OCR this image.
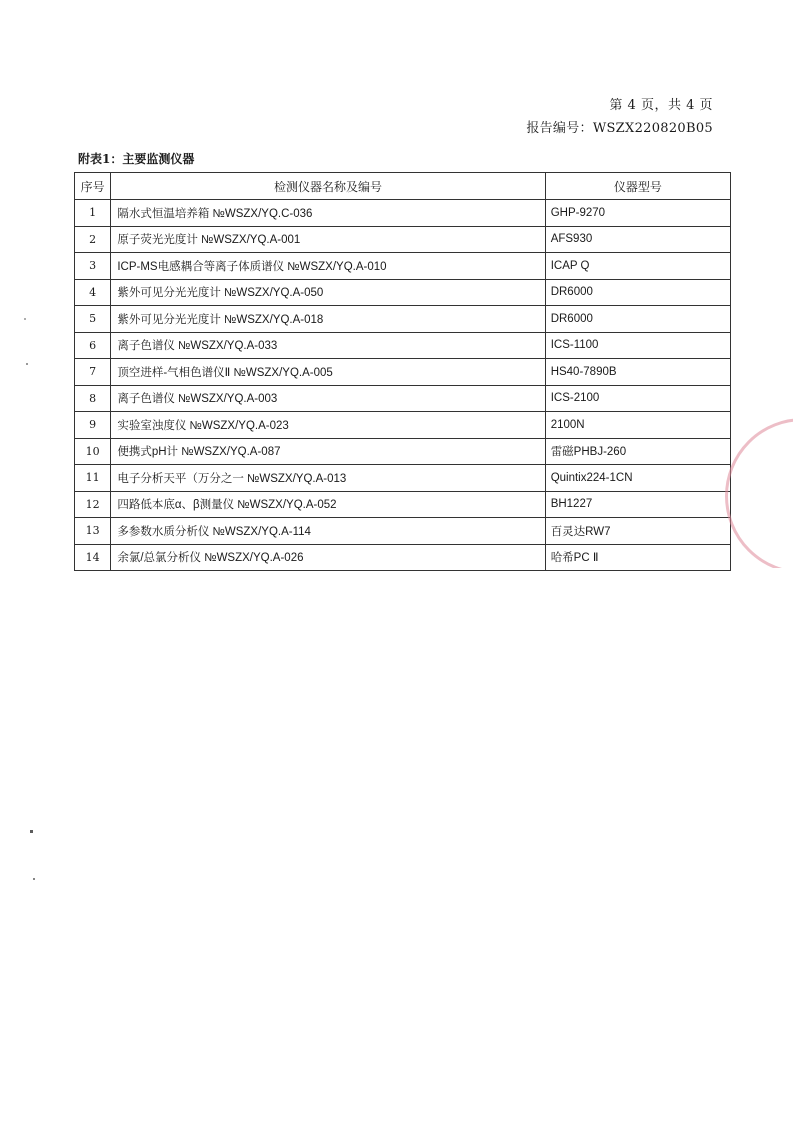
第 4 页，共 4 页
报告编号：WSZX220820B05
附表1：主要监测仪器
序号	检测仪器名称及编号	仪器型号
1	隔水式恒温培养箱 №WSZX/YQ.C-036	GHP-9270
2	原子荧光光度计 №WSZX/YQ.A-001	AFS930
3	ICP-MS电感耦合等离子体质谱仪 №WSZX/YQ.A-010	ICAP Q
4	紫外可见分光光度计 №WSZX/YQ.A-050	DR6000
5	紫外可见分光光度计 №WSZX/YQ.A-018	DR6000
6	离子色谱仪 №WSZX/YQ.A-033	ICS-1100
7	顶空进样-气相色谱仪Ⅱ №WSZX/YQ.A-005	HS40-7890B
8	离子色谱仪 №WSZX/YQ.A-003	ICS-2100
9	实验室浊度仪 №WSZX/YQ.A-023	2100N
10	便携式pH计 №WSZX/YQ.A-087	雷磁PHBJ-260
11	电子分析天平（万分之一 №WSZX/YQ.A-013	Quintix224-1CN
12	四路低本底α、β测量仪 №WSZX/YQ.A-052	BH1227
13	多参数水质分析仪 №WSZX/YQ.A-114	百灵达RW7
14	余氯/总氯分析仪 №WSZX/YQ.A-026	哈希PC Ⅱ
